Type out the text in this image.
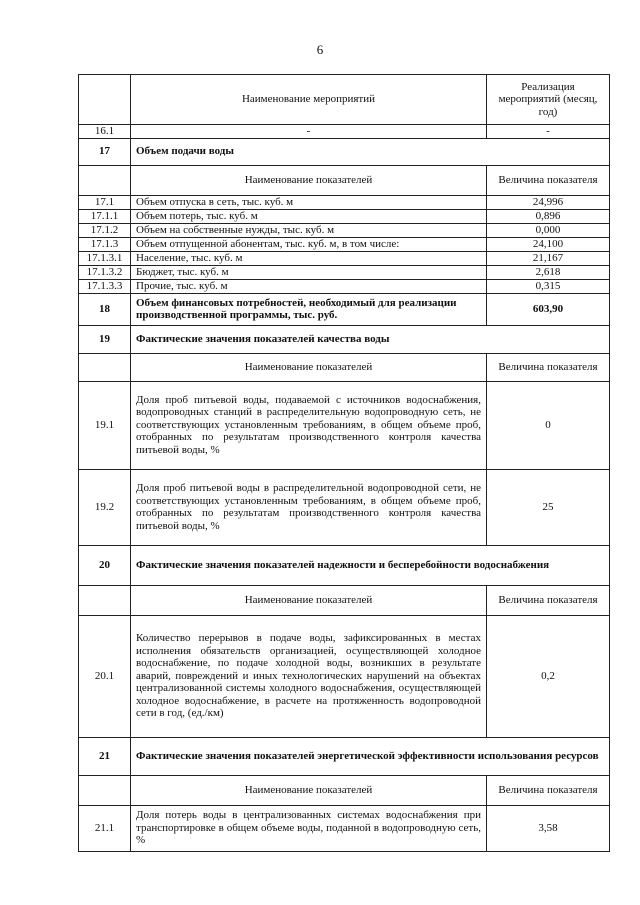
6
	Наименование мероприятий	Реализация мероприятий (месяц, год)
16.1	-	-
17	Объем подачи воды	
	Наименование показателей	Величина показателя
17.1	Объем отпуска в сеть, тыс. куб. м	24,996
17.1.1	Объем потерь, тыс. куб. м	0,896
17.1.2	Объем на собственные нужды, тыс. куб. м	0,000
17.1.3	Объем отпущенной абонентам, тыс. куб. м, в том числе:	24,100
17.1.3.1	Население, тыс. куб. м	21,167
17.1.3.2	Бюджет, тыс. куб. м	2,618
17.1.3.3	Прочие, тыс. куб. м	0,315
18	Объем финансовых потребностей, необходимый для реализации производственной программы, тыс. руб.	603,90
19	Фактические значения показателей качества воды	
	Наименование показателей	Величина показателя
19.1	Доля проб питьевой воды, подаваемой с источников водоснабжения, водопроводных станций в распределительную водопроводную сеть, не соответствующих установленным требованиям, в общем объеме проб, отобранных по результатам производственного контроля качества питьевой воды, %	0
19.2	Доля проб питьевой воды в распределительной водопроводной сети, не соответствующих установленным требованиям, в общем объеме проб, отобранных по результатам производственного контроля качества питьевой воды, %	25
20	Фактические значения показателей надежности и бесперебойности водоснабжения	
	Наименование показателей	Величина показателя
20.1	Количество перерывов в подаче воды, зафиксированных в местах исполнения обязательств организацией, осуществляющей холодное водоснабжение, по подаче холодной воды, возникших в результате аварий, повреждений и иных технологических нарушений на объектах централизованной системы холодного водоснабжения, осуществляющей холодное водоснабжение, в расчете на протяженность водопроводной сети в год, (ед./км)	0,2
21	Фактические значения показателей энергетической эффективности использования ресурсов	
	Наименование показателей	Величина показателя
21.1	Доля потерь воды в централизованных системах водоснабжения при транспортировке в общем объеме воды, поданной в водопроводную сеть, %	3,58
